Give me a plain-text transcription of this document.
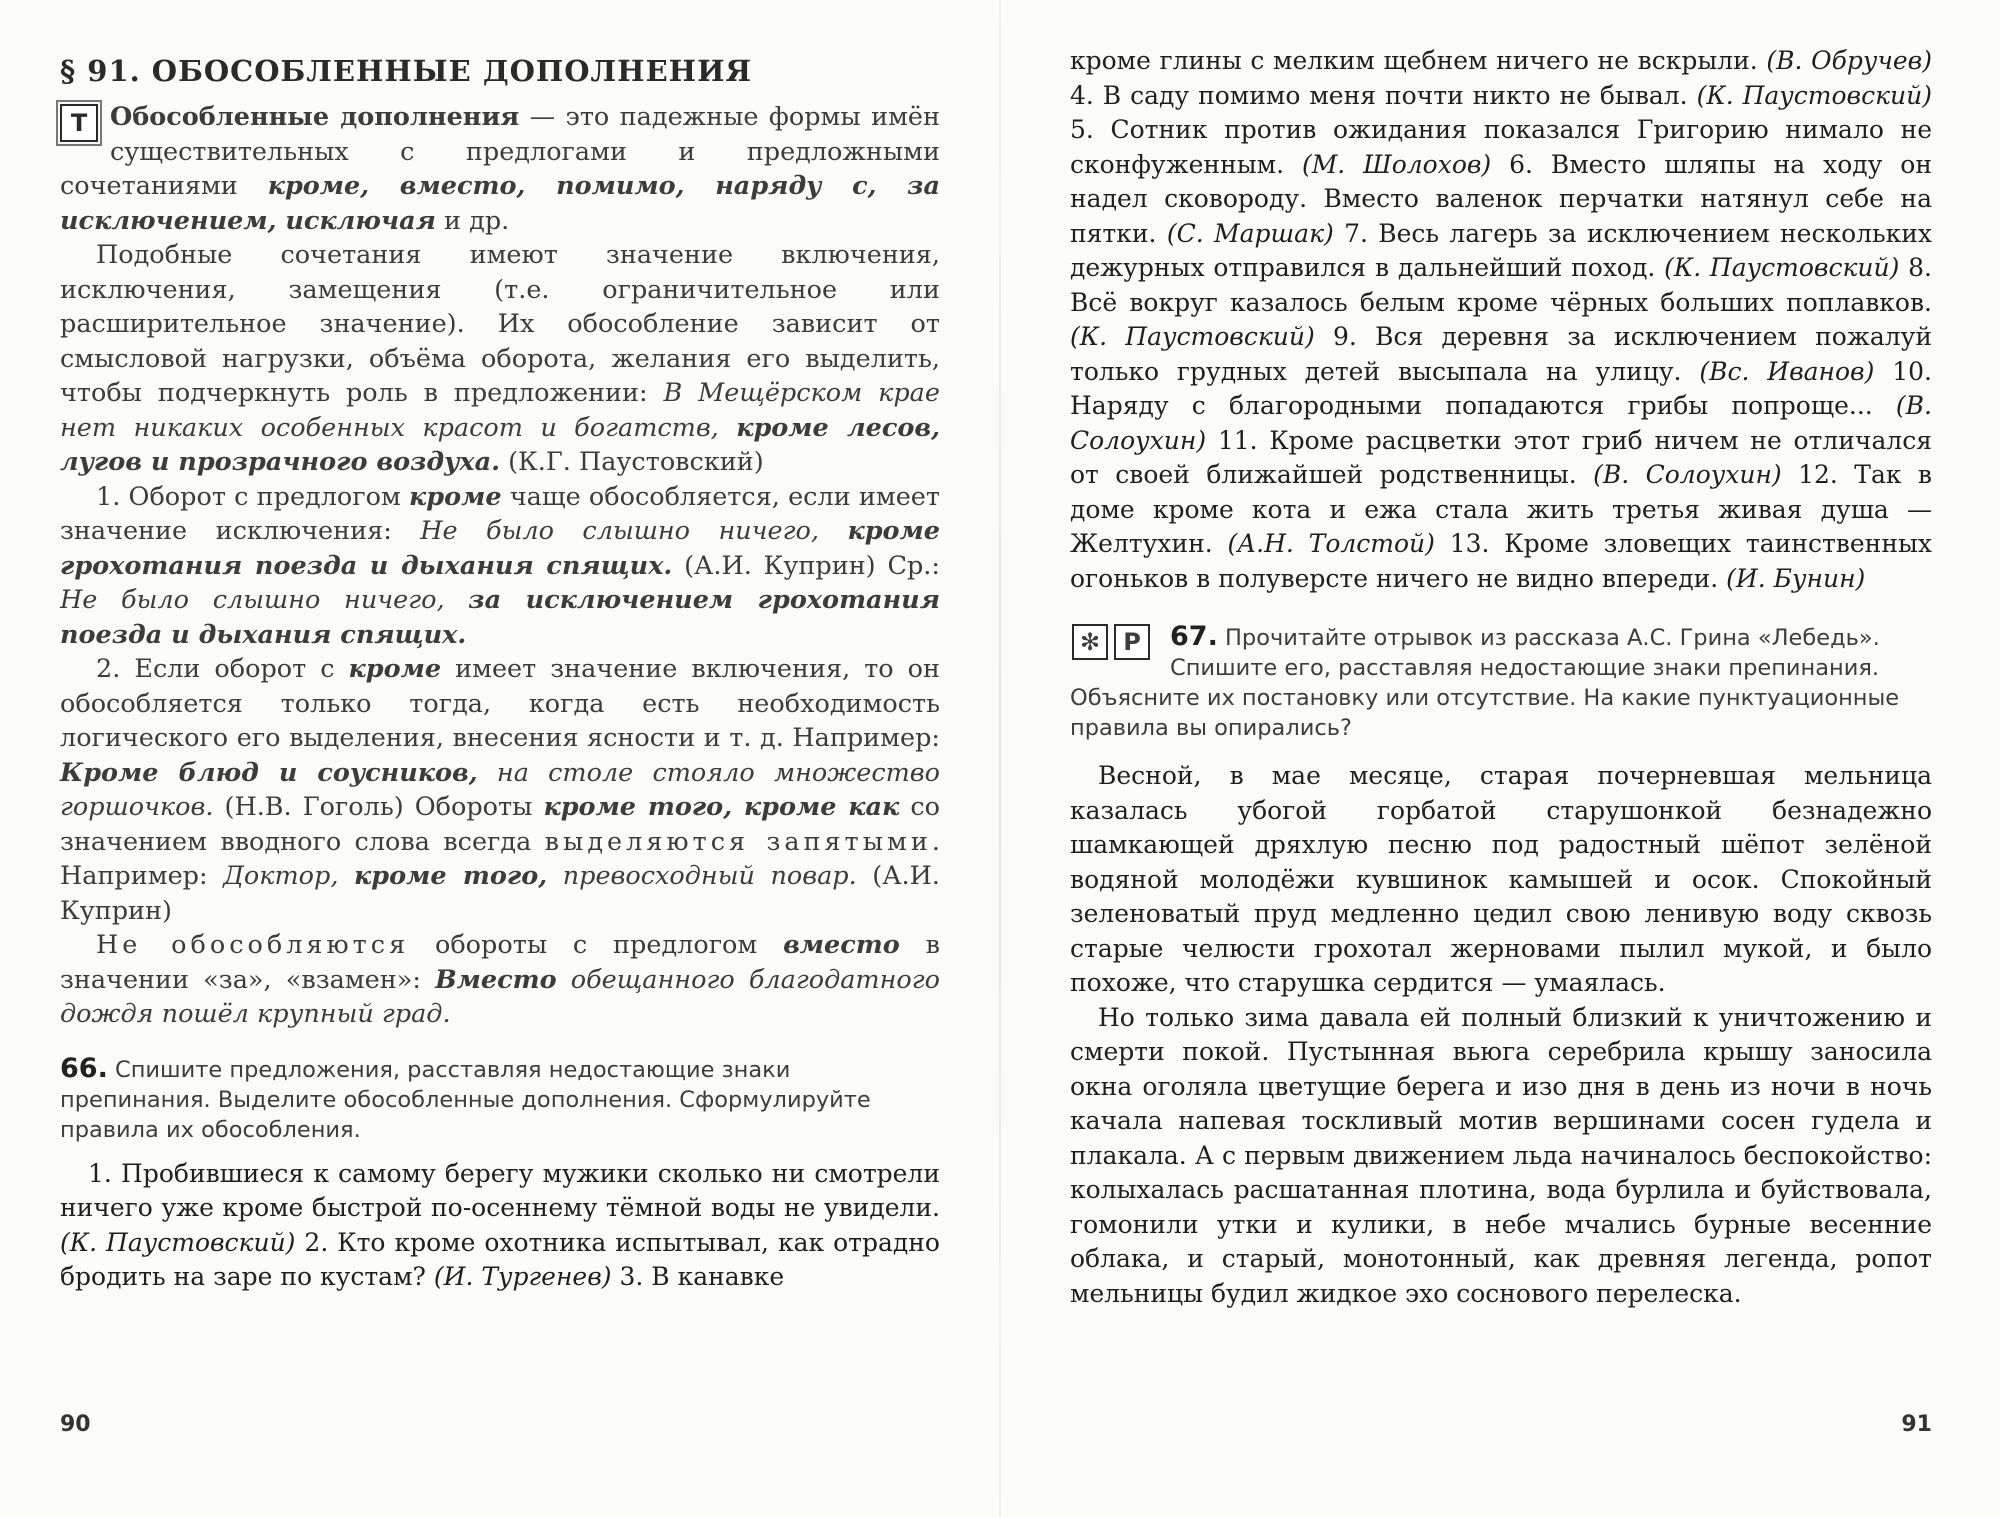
§ 91. ОБОСОБЛЕННЫЕ ДОПОЛНЕНИЯ
Т Обособленные дополнения — это падежные формы имён существительных с предлогами и предложными сочетаниями кроме, вместо, помимо, наряду с, за исключением, исключая и др.

Подобные сочетания имеют значение включения, исключения, замещения (т.е. ограничительное или расширительное значение). Их обособление зависит от смысловой нагрузки, объёма оборота, желания его выделить, чтобы подчеркнуть роль в предложении: В Мещёрском крае нет никаких особенных красот и богатств, кроме лесов, лугов и прозрачного воздуха. (К.Г. Паустовский)

1. Оборот с предлогом кроме чаще обособляется, если имеет значение исключения: Не было слышно ничего, кроме грохотания поезда и дыхания спящих. (А.И. Куприн) Ср.: Не было слышно ничего, за исключением грохотания поезда и дыхания спящих.

2. Если оборот с кроме имеет значение включения, то он обособляется только тогда, когда есть необходимость логического его выделения, внесения ясности и т. д. Например: Кроме блюд и соусников, на столе стояло множество горшочков. (Н.В. Гоголь) Обороты кроме того, кроме как со значением вводного слова всегда выделяются запятыми. Например: Доктор, кроме того, превосходный повар. (А.И. Куприн)

Не обособляются обороты с предлогом вместо в значении «за», «взамен»: Вместо обещанного благодатного дождя пошёл крупный град.

66. Спишите предложения, расставляя недостающие знаки препинания. Выделите обособленные дополнения. Сформулируйте правила их обособления.

1. Пробившиеся к самому берегу мужики сколько ни смотрели ничего уже кроме быстрой по-осеннему тёмной воды не увидели. (К. Паустовский) 2. Кто кроме охотника испытывал, как отрадно бродить на заре по кустам? (И. Тургенев) 3. В канавке

90

кроме глины с мелким щебнем ничего не вскрыли. (В. Обручев) 4. В саду помимо меня почти никто не бывал. (К. Паустовский) 5. Сотник против ожидания показался Григорию нимало не сконфуженным. (М. Шолохов) 6. Вместо шляпы на ходу он надел сковороду. Вместо валенок перчатки натянул себе на пятки. (С. Маршак) 7. Весь лагерь за исключением нескольких дежурных отправился в дальнейший поход. (К. Паустовский) 8. Всё вокруг казалось белым кроме чёрных больших поплавков. (К. Паустовский) 9. Вся деревня за исключением пожалуй только грудных детей высыпала на улицу. (Вс. Иванов) 10. Наряду с благородными попадаются грибы попроще... (В. Солоухин) 11. Кроме расцветки этот гриб ничем не отличался от своей ближайшей родственницы. (В. Солоухин) 12. Так в доме кроме кота и ежа стала жить третья живая душа — Желтухин. (А.Н. Толстой) 13. Кроме зловещих таинственных огоньков в полуверсте ничего не видно впереди. (И. Бунин)

✻ Р	67. Прочитайте отрывок из рассказа А.С. Грина «Лебедь». Спишите его, расставляя недостающие знаки препинания. Объясните их постановку или отсутствие. На какие пунктуационные правила вы опирались?

Весной, в мае месяце, старая почерневшая мельница казалась убогой горбатой старушонкой безнадежно шамкающей дряхлую песню под радостный шёпот зелёной водяной молодёжи кувшинок камышей и осок. Спокойный зеленоватый пруд медленно цедил свою ленивую воду сквозь старые челюсти грохотал жерновами пылил мукой, и было похоже, что старушка сердится — умаялась.

Но только зима давала ей полный близкий к уничтожению и смерти покой. Пустынная вьюга серебрила крышу заносила окна оголяла цветущие берега и изо дня в день из ночи в ночь качала напевая тоскливый мотив вершинами сосен гудела и плакала. А с первым движением льда начиналось беспокойство: колыхалась расшатанная плотина, вода бурлила и буйствовала, гомонили утки и кулики, в небе мчались бурные весенние облака, и старый, монотонный, как древняя легенда, ропот мельницы будил жидкое эхо соснового перелеска.

91
